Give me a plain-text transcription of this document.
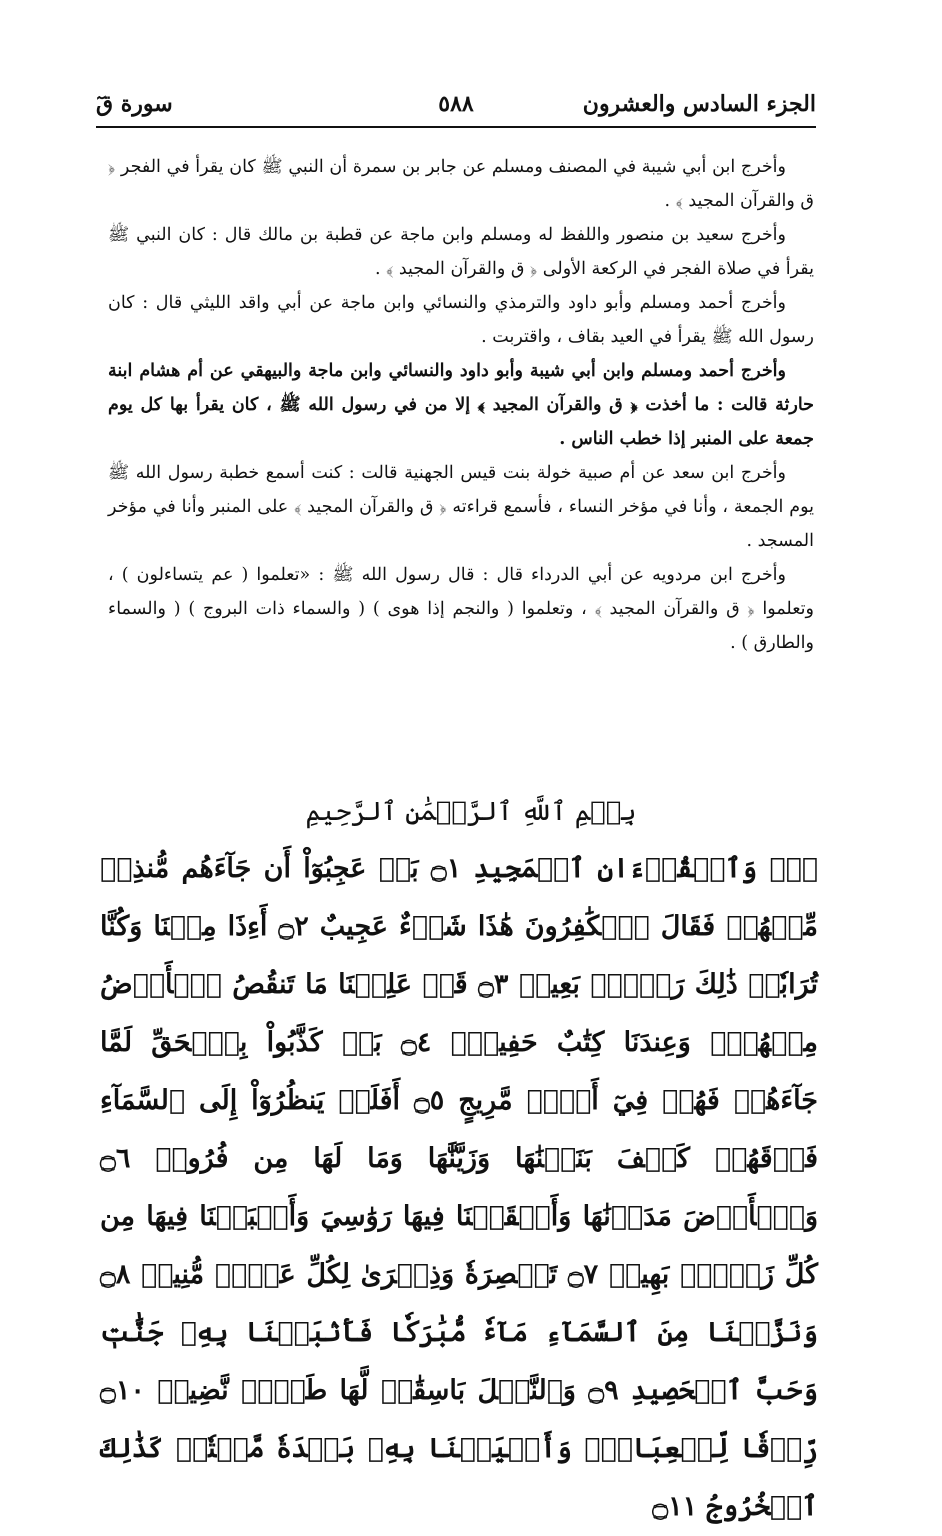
الجزء السادس والعشرون
٥٨٨
سورة قٓ

وأخرج ابن أبي شيبة في المصنف ومسلم عن جابر بن سمرة أن النبي ﷺ كان يقرأ في الفجر ﴿ ق والقرآن المجيد ﴾ .

وأخرج سعيد بن منصور واللفظ له ومسلم وابن ماجة عن قطبة بن مالك قال : كان النبي ﷺ يقرأ في صلاة الفجر في الركعة الأولى ﴿ ق والقرآن المجيد ﴾ .

وأخرج أحمد ومسلم وأبو داود والترمذي والنسائي وابن ماجة عن أبي واقد الليثي قال : كان رسول الله ﷺ يقرأ في العيد بقاف ، واقتربت .

وأخرج أحمد ومسلم وابن أبي شيبة وأبو داود والنسائي وابن ماجة والبيهقي عن أم هشام ابنة حارثة قالت : ما أخذت ﴿ ق والقرآن المجيد ﴾ إلا من في رسول الله ﷺ ، كان يقرأ بها كل يوم جمعة على المنبر إذا خطب الناس .

وأخرج ابن سعد عن أم صبية خولة بنت قيس الجهنية قالت : كنت أسمع خطبة رسول الله ﷺ يوم الجمعة ، وأنا في مؤخر النساء ، فأسمع قراءته ﴿ ق والقرآن المجيد ﴾ على المنبر وأنا في مؤخر المسجد .

وأخرج ابن مردويه عن أبي الدرداء قال : قال رسول الله ﷺ : «تعلموا ( عم يتساءلون ) ، وتعلموا ﴿ ق والقرآن المجيد ﴾ ، وتعلموا ( والنجم إذا هوى ) ( والسماء ذات البروج ) ( والسماء والطارق ) .

بِسۡمِ ٱللَّهِ ٱلرَّحۡمَٰنِ ٱلرَّحِيمِ
قٓۚ وَٱلۡقُرۡءَانِ ٱلۡمَجِيدِ ۝١ بَلۡ عَجِبُوٓاْ أَن جَآءَهُم مُّنذِرٞ مِّنۡهُمۡ فَقَالَ ٱلۡكَٰفِرُونَ هَٰذَا شَيۡءٌ عَجِيبٌ ۝٢ أَءِذَا مِتۡنَا وَكُنَّا تُرَابٗاۖ ذَٰلِكَ رَجۡعُۢ بَعِيدٞ ۝٣ قَدۡ عَلِمۡنَا مَا تَنقُصُ ٱلۡأَرۡضُ مِنۡهُمۡۖ وَعِندَنَا كِتَٰبٌ حَفِيظُۢ ۝٤ بَلۡ كَذَّبُواْ بِٱلۡحَقِّ لَمَّا جَآءَهُمۡ فَهُمۡ فِيٓ أَمۡرٖ مَّرِيجٍ ۝٥ أَفَلَمۡ يَنظُرُوٓاْ إِلَى ٱلسَّمَآءِ فَوۡقَهُمۡ كَيۡفَ بَنَيۡنَٰهَا وَزَيَّنَّٰهَا وَمَا لَهَا مِن فُرُوجٖ ۝٦ وَٱلۡأَرۡضَ مَدَدۡنَٰهَا وَأَلۡقَيۡنَا فِيهَا رَوَٰسِيَ وَأَنۢبَتۡنَا فِيهَا مِن كُلِّ زَوۡجِۭ بَهِيجٖ ۝٧ تَبۡصِرَةٗ وَذِكۡرَىٰ لِكُلِّ عَبۡدٖ مُّنِيبٖ ۝٨ وَنَزَّلۡنَا مِنَ ٱلسَّمَآءِ مَآءٗ مُّبَٰرَكٗا فَأَنۢبَتۡنَا بِهِۦ جَنَّٰتٖ وَحَبَّ ٱلۡحَصِيدِ ۝٩ وَٱلنَّخۡلَ بَاسِقَٰتٖ لَّهَا طَلۡعٞ نَّضِيدٞ ۝١٠ رِّزۡقٗا لِّلۡعِبَادِۖ وَأَحۡيَيۡنَا بِهِۦ بَلۡدَةٗ مَّيۡتٗاۚ كَذَٰلِكَ ٱلۡخُرُوجُ ۝١١
